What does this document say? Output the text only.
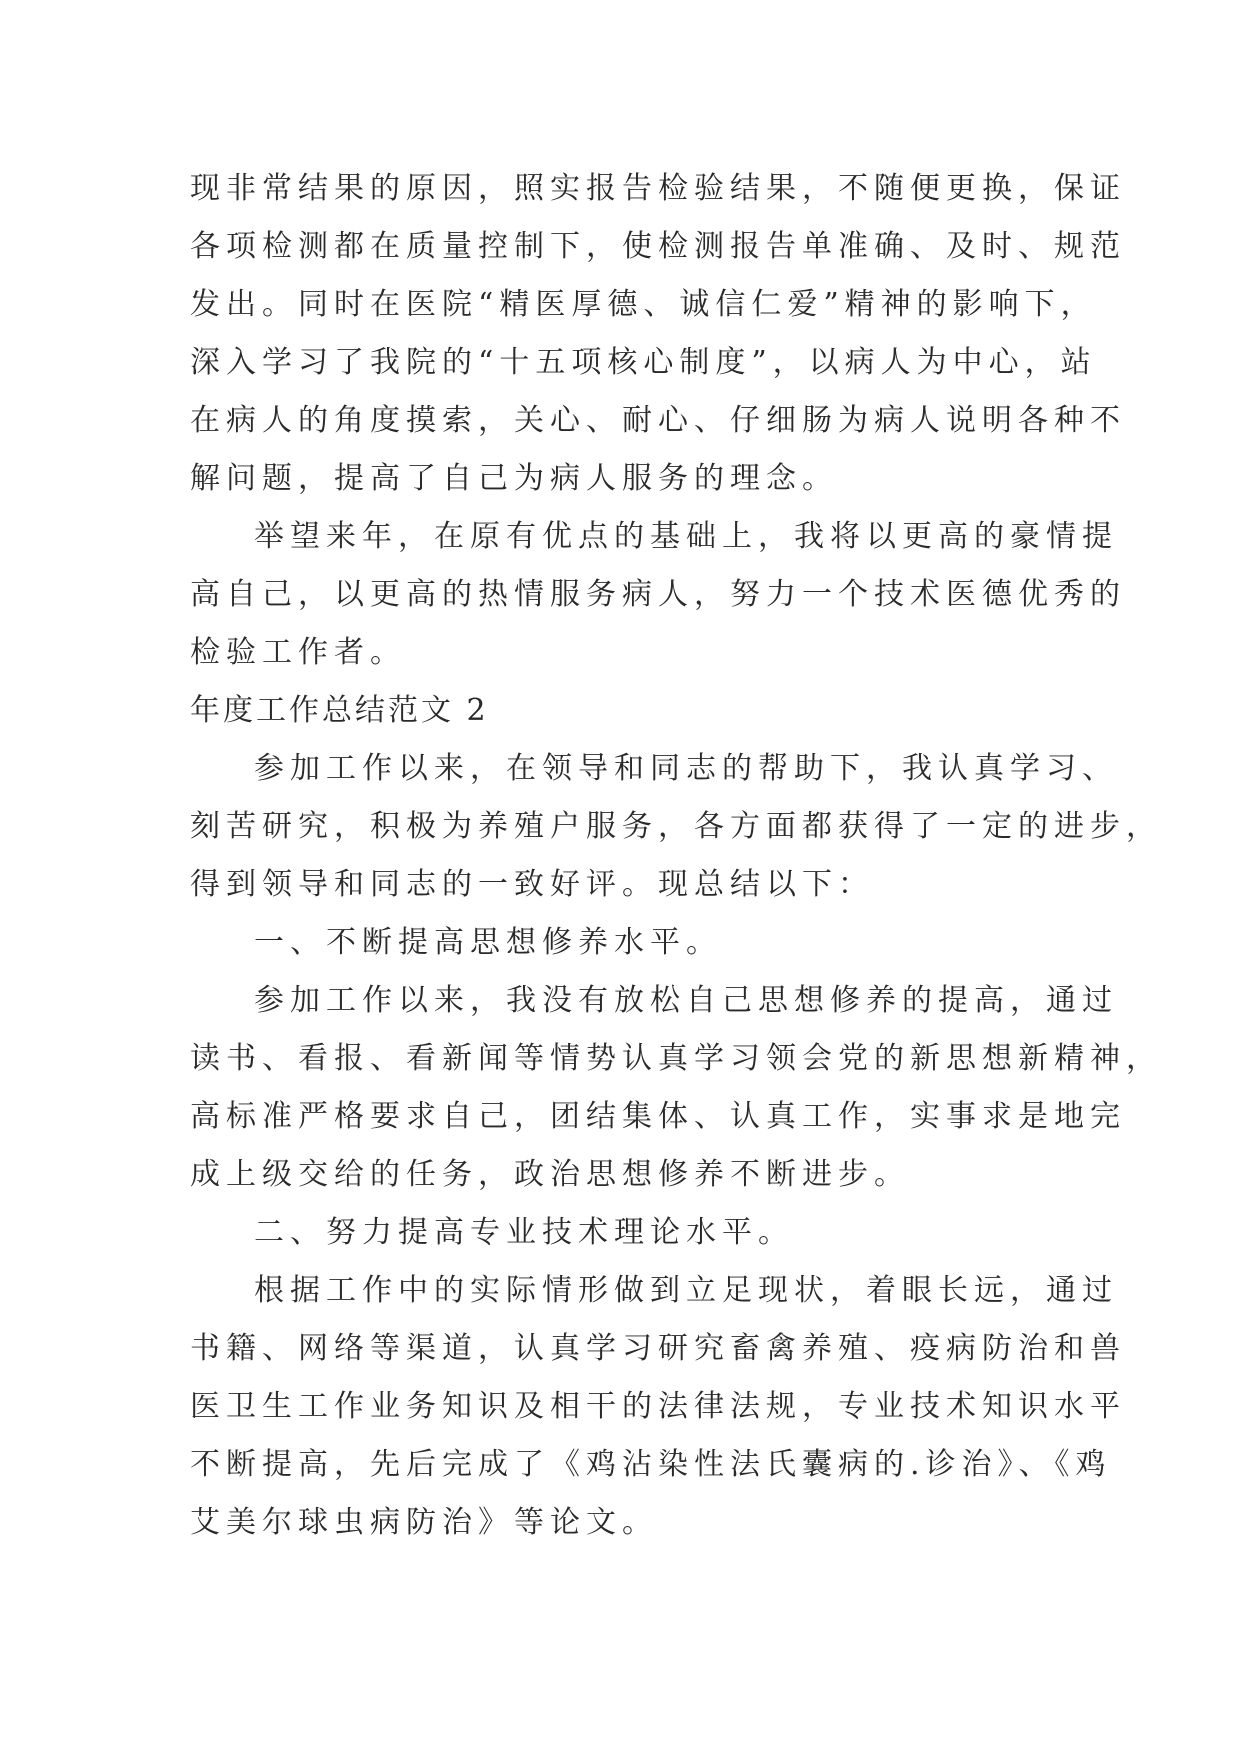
现非常结果的原因，照实报告检验结果，不随便更换，保证
各项检测都在质量控制下，使检测报告单准确、及时、规范
发出。同时在医院“精医厚德、诚信仁爱”精神的影响下，
深入学习了我院的“十五项核心制度”，以病人为中心，站
在病人的角度摸索，关心、耐心、仔细肠为病人说明各种不
解问题，提高了自己为病人服务的理念。
举望来年，在原有优点的基础上，我将以更高的豪情提
高自己，以更高的热情服务病人，努力一个技术医德优秀的
检验工作者。
年度工作总结范文 2
参加工作以来，在领导和同志的帮助下，我认真学习、
刻苦研究，积极为养殖户服务，各方面都获得了一定的进步，
得到领导和同志的一致好评。现总结以下：
一、不断提高思想修养水平。
参加工作以来，我没有放松自己思想修养的提高，通过
读书、看报、看新闻等情势认真学习领会党的新思想新精神，
高标准严格要求自己，团结集体、认真工作，实事求是地完
成上级交给的任务，政治思想修养不断进步。
二、努力提高专业技术理论水平。
根据工作中的实际情形做到立足现状，着眼长远，通过
书籍、网络等渠道，认真学习研究畜禽养殖、疫病防治和兽
医卫生工作业务知识及相干的法律法规，专业技术知识水平
不断提高，先后完成了《鸡沾染性法氏囊病的.诊治》、《鸡
艾美尔球虫病防治》等论文。
